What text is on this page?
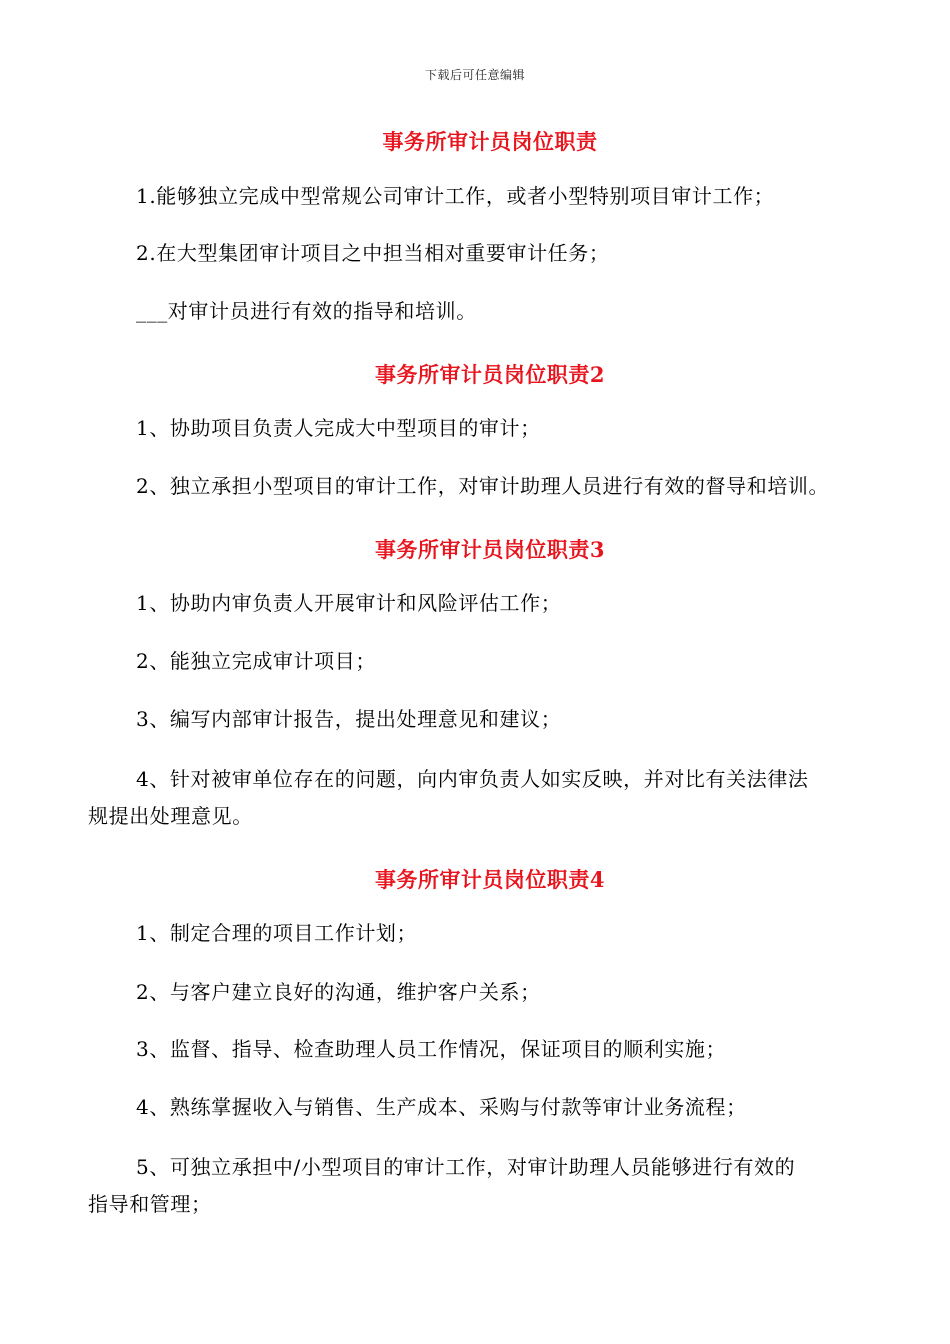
下载后可任意编辑
事务所审计员岗位职责
1.能够独立完成中型常规公司审计工作，或者小型特别项目审计工作；
2.在大型集团审计项目之中担当相对重要审计任务；
___对审计员进行有效的指导和培训。
事务所审计员岗位职责2
1、协助项目负责人完成大中型项目的审计；
2、独立承担小型项目的审计工作，对审计助理人员进行有效的督导和培训。
事务所审计员岗位职责3
1、协助内审负责人开展审计和风险评估工作；
2、能独立完成审计项目；
3、编写内部审计报告，提出处理意见和建议；
4、针对被审单位存在的问题，向内审负责人如实反映，并对比有关法律法
规提出处理意见。
事务所审计员岗位职责4
1、制定合理的项目工作计划；
2、与客户建立良好的沟通，维护客户关系；
3、监督、指导、检查助理人员工作情况，保证项目的顺利实施；
4、熟练掌握收入与销售、生产成本、采购与付款等审计业务流程；
5、可独立承担中/小型项目的审计工作，对审计助理人员能够进行有效的
指导和管理；
